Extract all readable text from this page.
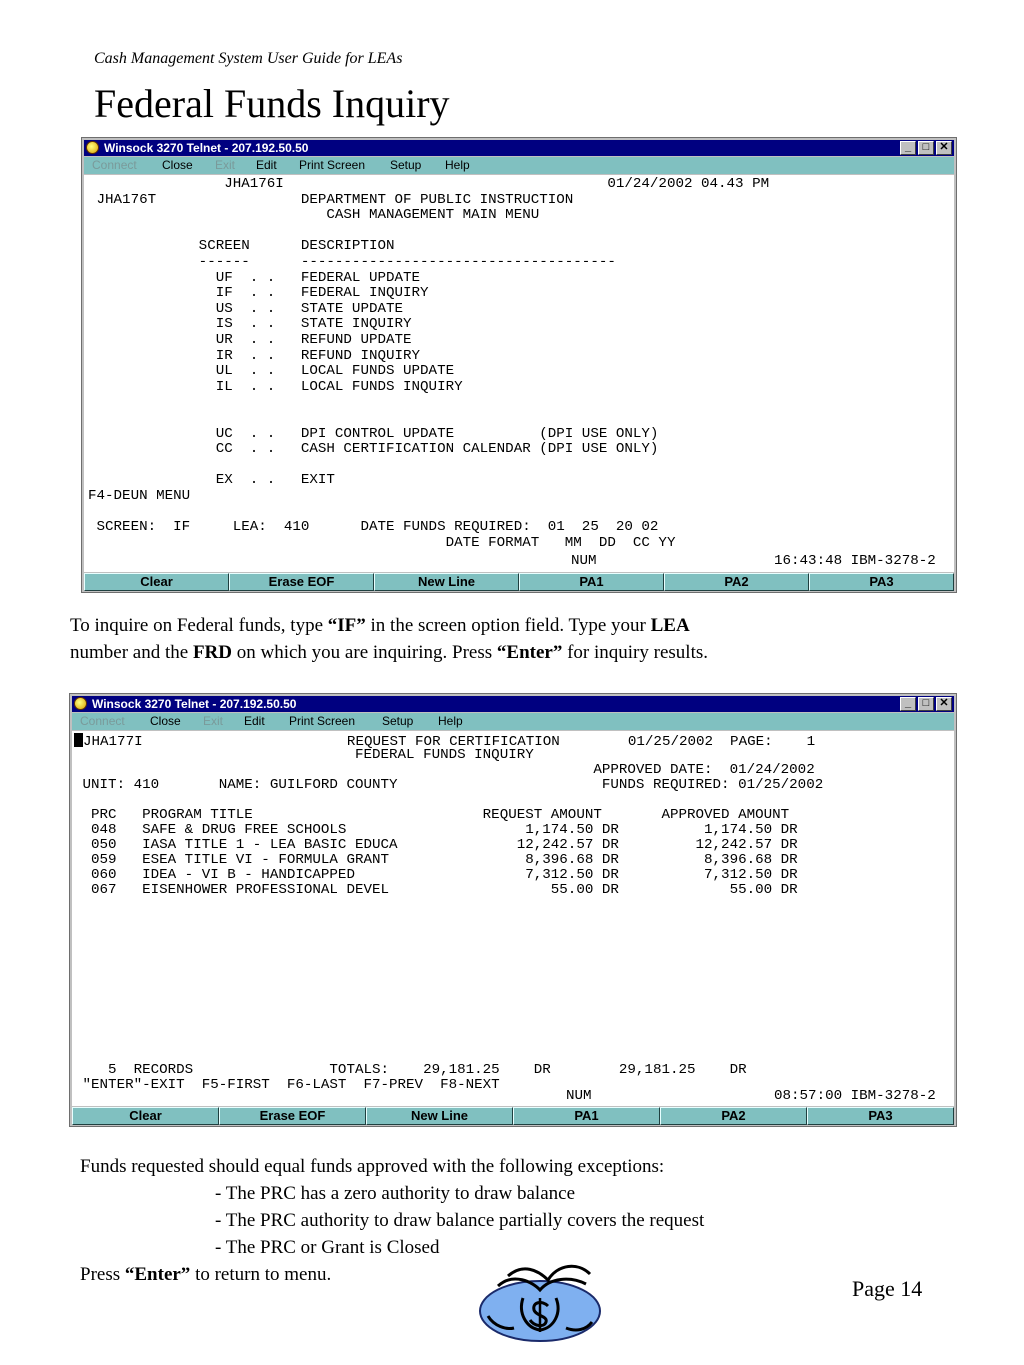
Cash Management System User Guide for LEAs
Federal Funds Inquiry
Winsock 3270 Telnet - 207.192.50.50	_	□ ✕
Connect Close Exit Edit Print Screen Setup Help
JHA176I                                      01/24/2002 04.43 PM
JHA176T                 DEPARTMENT OF PUBLIC INSTRUCTION
CASH MANAGEMENT MAIN MENU

SCREEN      DESCRIPTION
------      -------------------------------------
UF  . .   FEDERAL UPDATE
IF  . .   FEDERAL INQUIRY
US  . .   STATE UPDATE
IS  . .   STATE INQUIRY
UR  . .   REFUND UPDATE
IR  . .   REFUND INQUIRY
UL  . .   LOCAL FUNDS UPDATE
IL  . .   LOCAL FUNDS INQUIRY

UC  . .   DPI CONTROL UPDATE          (DPI USE ONLY)
CC  . .   CASH CERTIFICATION CALENDAR (DPI USE ONLY)

EX  . .   EXIT
F4-DEUN MENU

SCREEN:  IF     LEA:  410      DATE FUNDS REQUIRED:  01  25  20 02
DATE FORMAT   MM  DD  CC YY
NUM	16:43:48 IBM-3278-2
Clear	Erase EOF	New Line	PA1	PA2	PA3
To inquire on Federal funds, type “IF” in the screen option field. Type your LEA
number and the FRD on which you are inquiring. Press “Enter” for inquiry results.
Winsock 3270 Telnet - 207.192.50.50	_	□ ✕
Connect Close Exit Edit Print Screen Setup Help
JHA177I                        REQUEST FOR CERTIFICATION        01/25/2002  PAGE:    1
FEDERAL FUNDS INQUIRY
APPROVED DATE:  01/24/2002
UNIT: 410       NAME: GUILFORD COUNTY                        FUNDS REQUIRED: 01/25/2002

PRC   PROGRAM TITLE                           REQUEST AMOUNT       APPROVED AMOUNT
048   SAFE & DRUG FREE SCHOOLS                     1,174.50 DR          1,174.50 DR
050   IASA TITLE 1 - LEA BASIC EDUCA              12,242.57 DR         12,242.57 DR
059   ESEA TITLE VI - FORMULA GRANT                8,396.68 DR          8,396.68 DR
060   IDEA - VI B - HANDICAPPED                    7,312.50 DR          7,312.50 DR
067   EISENHOWER PROFESSIONAL DEVEL                   55.00 DR             55.00 DR

5  RECORDS                TOTALS:    29,181.25    DR        29,181.25    DR
"ENTER"-EXIT  F5-FIRST  F6-LAST  F7-PREV  F8-NEXT
NUM	08:57:00 IBM-3278-2
Clear	Erase EOF	New Line	PA1	PA2	PA3
Funds requested should equal funds approved with the following exceptions:
- The PRC has a zero authority to draw balance
- The PRC authority to draw balance partially covers the request
- The PRC or Grant is Closed
Press “Enter” to return to menu.
Page 14
